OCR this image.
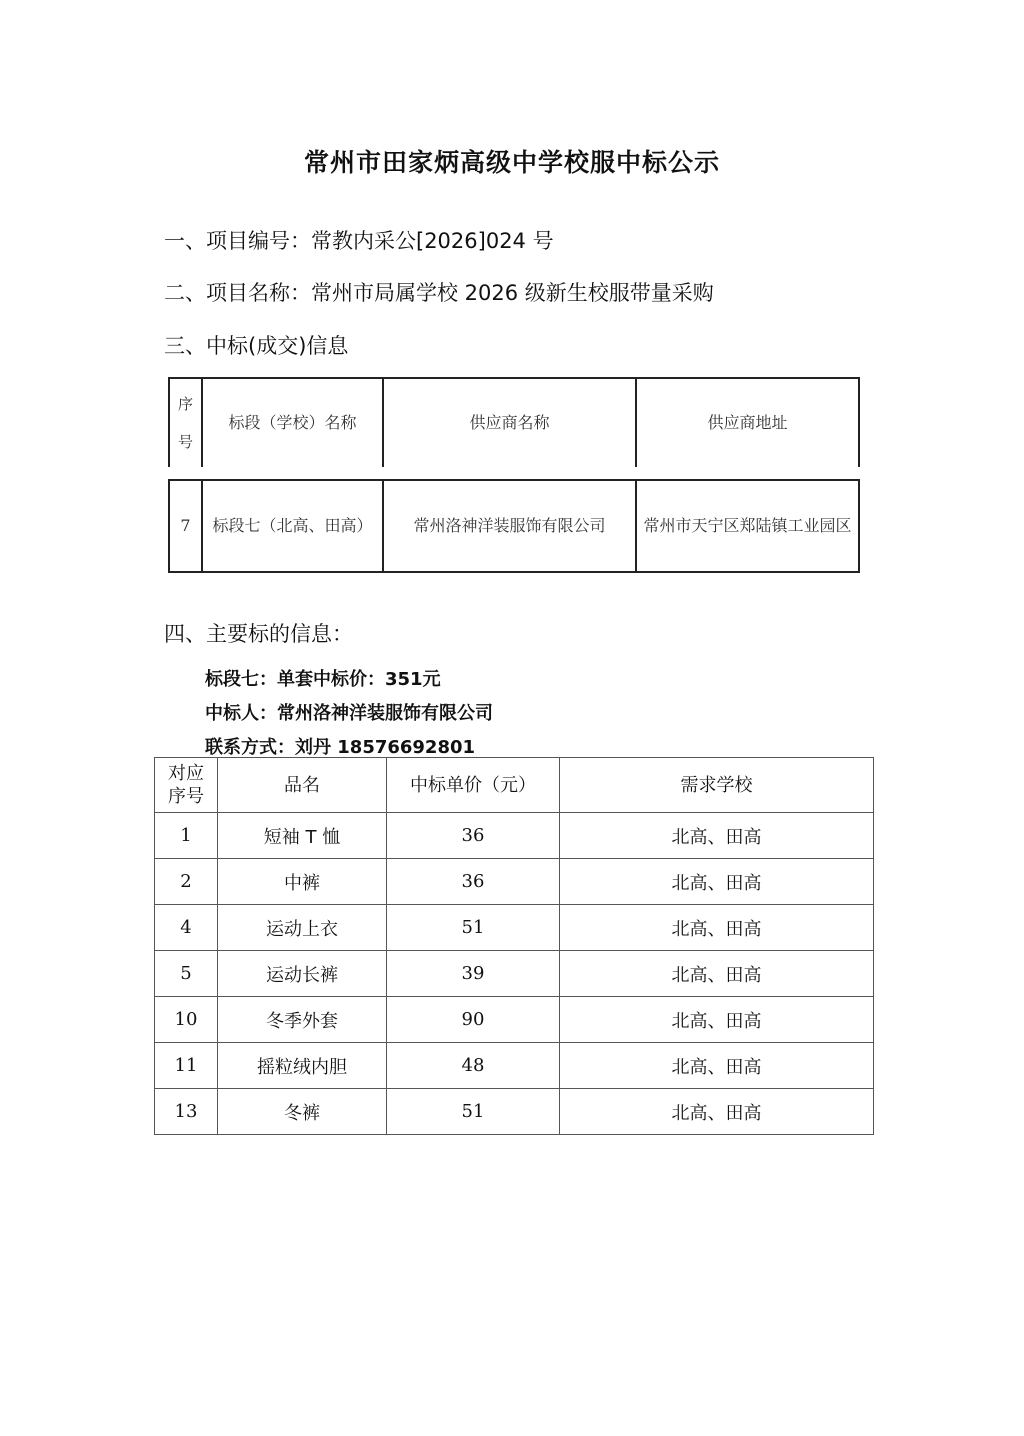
常州市田家炳高级中学校服中标公示
一、项目编号：常教内采公[2026]024 号
二、项目名称：常州市局属学校 2026 级新生校服带量采购
三、中标(成交)信息
序号	标段（学校）名称	供应商名称	供应商地址
7	标段七（北高、田高）	常州洛神洋装服饰有限公司	常州市天宁区郑陆镇工业园区
四、主要标的信息：
标段七：单套中标价：351元
中标人：常州洛神洋装服饰有限公司
联系方式：刘丹 18576692801
对应序号	品名	中标单价（元）	需求学校
1	短袖 T 恤	36	北高、田高
2	中裤	36	北高、田高
4	运动上衣	51	北高、田高
5	运动长裤	39	北高、田高
10	冬季外套	90	北高、田高
11	摇粒绒内胆	48	北高、田高
13	冬裤	51	北高、田高
